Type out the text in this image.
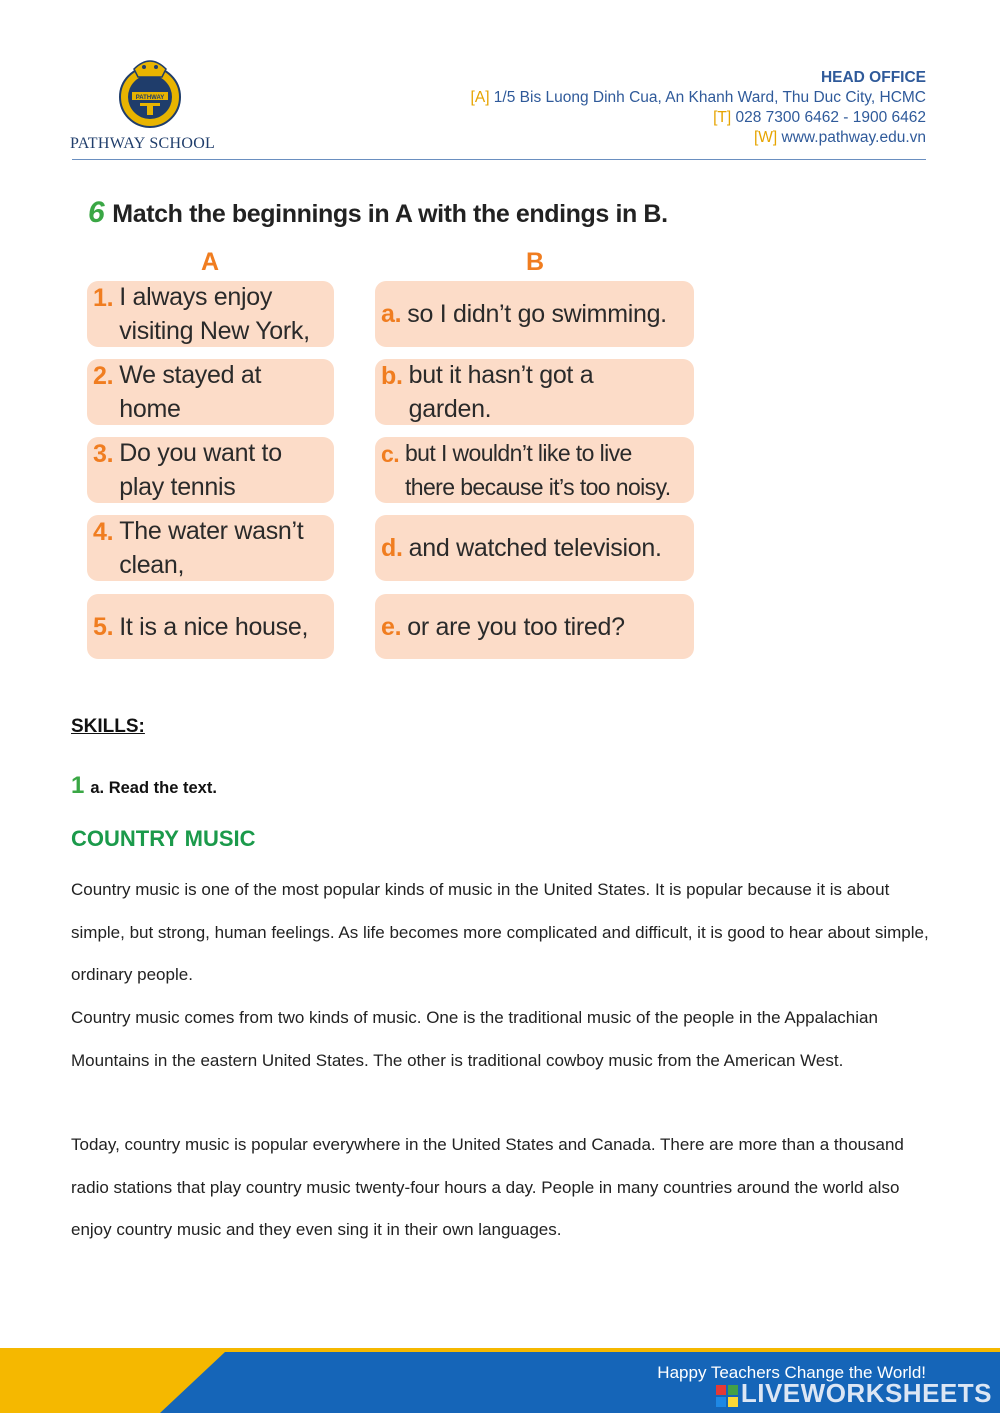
PATHWAY
PATHWAY SCHOOL
HEAD OFFICE
[A] 1/5 Bis Luong Dinh Cua, An Khanh Ward, Thu Duc City, HCMC
[T] 028 7300 6462 - 1900 6462
[W] www.pathway.edu.vn
6 Match the beginnings in A with the endings in B.
A	B
1. I always enjoy
visiting New York,
2. We stayed at
home
3. Do you want to
play tennis
4. The water wasn’t
clean,
5. It is a nice house,
a. so I didn’t go swimming.
b. but it hasn’t got a
garden.
c. but I wouldn’t like to live
there because it’s too noisy.
d. and watched television.
e. or are you too tired?
SKILLS:
1 a. Read the text.
COUNTRY MUSIC
Country music is one of the most popular kinds of music in the United States. It is popular because it is about simple, but strong, human feelings. As life becomes more complicated and difficult, it is good to hear about simple, ordinary people.
Country music comes from two kinds of music. One is the traditional music of the people in the Appalachian Mountains in the eastern United States. The other is traditional cowboy music from the American West.
Today, country music is popular everywhere in the United States and Canada. There are more than a thousand radio stations that play country music twenty-four hours a day. People in many countries around the world also enjoy country music and they even sing it in their own languages.
Happy Teachers Change the World!
LIVEWORKSHEETS
